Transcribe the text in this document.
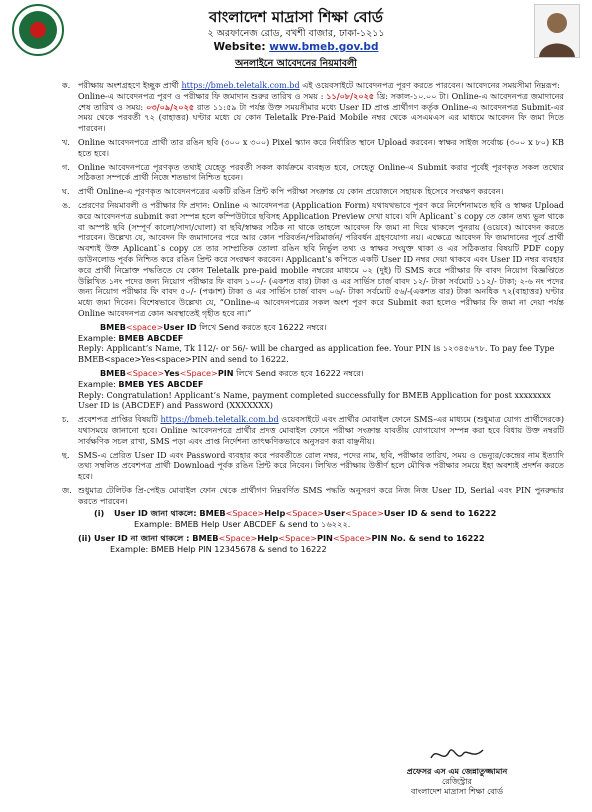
বাংলাদেশ মাদ্রাসা শিক্ষা বোর্ড
২ অরফানেজ রোড, বখশী বাজার, ঢাকা-১২১১
Website: www.bmeb.gov.bd
অনলাইনে আবেদনের নিয়মাবলী
ক. পরীক্ষায় অংশগ্রহণে ইচ্ছুক প্রার্থী https://bmeb.teletalk.com.bd এই ওয়েবসাইটে আবেদনপত্র পূরণ করতে পারবেন। আবেদনের সময়সীমা নিম্নরূপ:

Online-এ আবেদনপত্র পূরণ ও পরীক্ষার ফি জমাদান শুরুর তারিখ ও সময় : ১১/০৮/২০২৫ খ্রি: সকাল-১০.০০ টা। Online-এ আবেদনপত্র জমাদানের শেষ তারিখ ও সময়: ০৩/০৯/২০২৫ রাত ১১:৫৯ টা পর্যন্ত উক্ত সময়সীমার মধ্যে User ID প্রাপ্ত প্রার্থীগণ কর্তৃক Online-এ আবেদনপত্র Submit-এর সময় থেকে পরবর্তী ৭২ (বাহাত্তর) ঘণ্টার মধ্যে যে কোন Teletalk Pre-Paid Mobile নম্বর থেকে এসএমএস এর মাধ্যমে আবেদন ফি জমা দিতে পারবেন।

খ. Online আবেদনপত্রে প্রার্থী তার রঙিন ছবি (৩০০ x ৩০০) Pixel স্ক্যান করে নির্ধারিত স্থানে Upload করবেন। স্বাক্ষর সাইজ সর্বোচ্চ (৩০০ x ৮০) KB হতে হবে।

গ. Online আবেদনপত্রে পূরণকৃত তথ্যই যেহেতু পরবর্তী সকল কার্যক্রমে ব্যবহৃত হবে, সেহেতু Online-এ Submit করার পূর্বেই পূরণকৃত সকল তথ্যের সঠিকতা সম্পর্কে প্রার্থী নিজে শতভাগ নিশ্চিত হবেন।

ঘ. প্রার্থী Online-এ পূরণকৃত আবেদনপত্রের একটি রঙিন প্রিন্ট কপি পরীক্ষা সংক্রান্ত যে কোন প্রয়োজনে সহায়ক হিসেবে সংরক্ষণ করবেন।

ঙ. প্রেরণের নিয়মাবলী ও পরীক্ষার ফি প্রদান: Online এ আবেদনপত্র (Application Form) যথাযথভাবে পূরণ করে নির্দেশনামতে ছবি ও স্বাক্ষর Upload করে আবেদনপত্র submit করা সম্পন্ন হলে কম্পিউটারে ছবিসহ Application Preview দেখা যাবে। যদি Aplicant`s copy তে কোন তথ্য ভুল থাকে বা অস্পষ্ট ছবি (সম্পূর্ণ কালো/সাদা/ঘোলা) বা ছবি/স্বাক্ষর সঠিক না থাকে তাহলে আবেদন ফি জমা না দিয়ে থাকলে পুনরায় (ওয়েবে) আবেদন করতে পারবেন। উল্লেখ্য যে, আবেদন ফি জমাদানের পরে আর কোন পরিবর্তন/পরিমার্জন/ পরিবর্ধন গ্রহণযোগ্য নয়। এক্ষেত্রে আবেদন ফি জমাদানের পূর্বে প্রার্থী অবশ্যই উক্ত Aplicant`s copy তে তার সাম্প্রতিক তোলা রঙিন ছবি নির্ভুল তথ্য ও স্বাক্ষর সংযুক্ত থাকা ও এর সঠিকতার বিষয়টি PDF copy ডাউনলোড পূর্বক নিশ্চিত করে রঙিন প্রিন্ট করে সংরক্ষণ করবেন। Applicant’s কপিতে একটি User ID নম্বর দেয়া থাকবে এবং User ID নম্বর ব্যবহার করে প্রার্থী নিম্নোক্ত পদ্ধতিতে যে কোন Teletalk pre-paid mobile নম্বরের মাধ্যমে ০২ (দুই) টি SMS করে পরীক্ষার ফি বাবদ নিয়োগ বিজ্ঞপ্তিতে উল্লিখিত ১নং পদের জন্য নিয়োগ পরীক্ষার ফি বাবদ ১০০/- (একশত বার) টাকা ও এর সার্ভিস চার্জ বাবদ ১২/- টাকা সর্বমোট ১১২/- টাকা; ২-৬ নং পদের জন্য নিয়োগ পরীক্ষার ফি বাবদ ৫০/- (পঞ্চাশ) টাকা ও এর সার্ভিস চার্জ বাবদ ০৬/- টাকা সর্বমোট ৫৬/-(একশত বার) টাকা অনধিক ৭২(বাহাত্তর) ঘণ্টার মধ্যে জমা দিবেন। বিশেষভাবে উল্লেখ্য যে, “Online-এ আবেদনপত্রের সকল অংশ পূরণ করে Submit করা হলেও পরীক্ষার ফি জমা না দেয়া পর্যন্ত Online আবেদনপত্র কোন অবস্থাতেই গৃহীত হবে না।”

BMEB<space>User ID লিখে Send করতে হবে 16222 নম্বরে।
Example: BMEB ABCDEF
Reply: Applicant’s Name, Tk 112/- or 56/- will be charged as application fee. Your PIN is ১২৩৪৫৬৭৮. To pay fee Type BMEB<space>Yes<space>PIN and send to 16222.
BMEB<Space>Yes<Space>PIN লিখে Send করতে হবে 16222 নম্বরে।
Example: BMEB YES ABCDEF
Reply: Congratulation! Applicant’s Name, payment completed successfully for BMEB Application for post xxxxxxxx User ID is (ABCDEF) and Password (XXXXXXX)
চ. প্রবেশপত্র প্রাপ্তির বিষয়টি https://bmeb.teletalk.com.bd ওয়েবসাইটে এবং প্রার্থীর মোবাইল ফোনে SMS-এর মাধ্যমে (শুধুমাত্র যোগ্য প্রার্থীদেরকে) যথাসময়ে জানানো হবে। Online আবেদনপত্রে প্রার্থীর প্রদত্ত মোবাইল ফোনে পরীক্ষা সংক্রান্ত যাবতীয় যোগাযোগ সম্পন্ন করা হবে বিধায় উক্ত নম্বরটি সার্বক্ষণিক সচল রাখা, SMS পড়া এবং প্রাপ্ত নির্দেশনা তাৎক্ষণিকভাবে অনুসরণ করা বাঞ্ছনীয়।

ছ. SMS-এ প্রেরিত User ID এবং Password ব্যবহার করে পরবর্তীতে রোল নম্বর, পদের নাম, ছবি, পরীক্ষার তারিখ, সময় ও ভেন্যুর/কেন্দ্রের নাম ইত্যাদি তথ্য সম্বলিত প্রবেশপত্র প্রার্থী Download পূর্বক রঙিন প্রিন্ট করে নিবেন। লিখিত পরীক্ষায় উত্তীর্ণ হলে মৌখিক পরীক্ষার সময়ে ইহা অবশ্যই প্রদর্শন করতে হবে।

জ. শুধুমাত্র টেলিটক প্রি-পেইড মোবাইল ফোন থেকে প্রার্থীগণ নিম্নবর্ণিত SMS পদ্ধতি অনুসরণ করে নিজ নিজ User ID, Serial এবং PIN পুনরুদ্ধার করতে পারবেন।

(i) User ID জানা থাকলে: BMEB<Space>Help<Space>User<Space>User ID & send to 16222
Example: BMEB Help User ABCDEF & send to ১৬২২২.
(ii) User ID না জানা থাকলে : BMEB<Space>Help<Space>PIN<Space>PIN No. & send to 16222
Example: BMEB Help PIN 12345678 & send to 16222
প্রফেসর এস এম জেন্নাতুজ্জামান
রেজিস্ট্রার
বাংলাদেশ মাদ্রাসা শিক্ষা বোর্ড
